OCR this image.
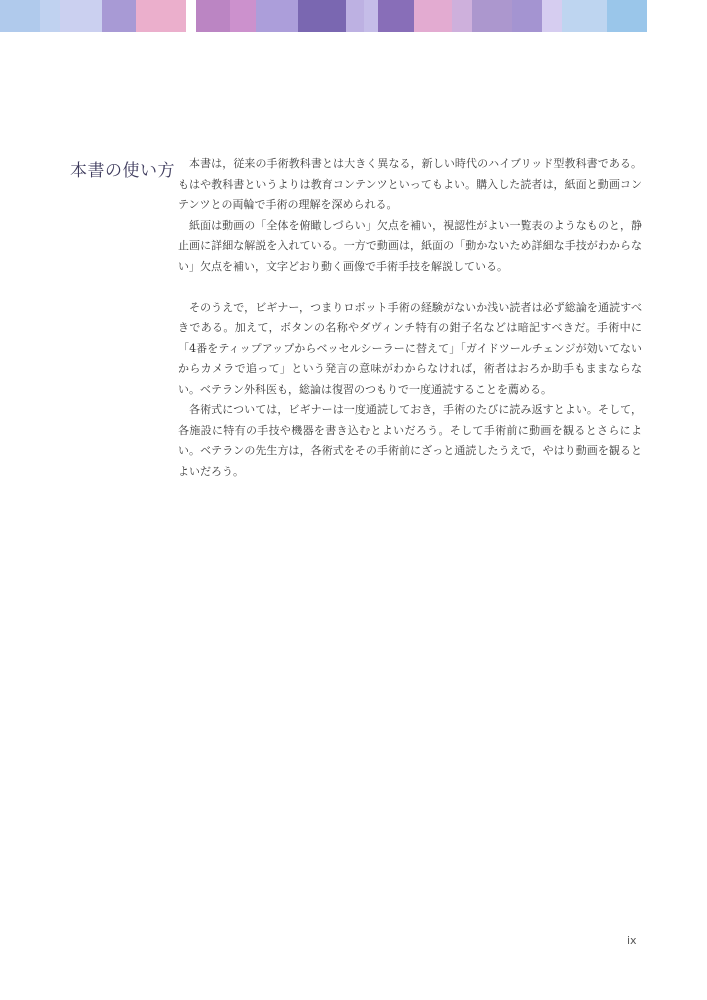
本書の使い方	本書は，従来の手術教科書とは大きく異なる，新しい時代のハイブリッド型教科書である。もはや教科書というよりは教育コンテンツといってもよい。購入した読者は，紙面と動画コンテンツとの両輪で手術の理解を深められる。

紙面は動画の「全体を俯瞰しづらい」欠点を補い，視認性がよい一覧表のようなものと，静止画に詳細な解説を入れている。一方で動画は，紙面の「動かないため詳細な手技がわからない」欠点を補い，文字どおり動く画像で手術手技を解説している。

そのうえで，ビギナー，つまりロボット手術の経験がないか浅い読者は必ず総論を通読すべきである。加えて，ボタンの名称やダヴィンチ特有の鉗子名などは暗記すべきだ。手術中に「4番をティップアップからベッセルシーラーに替えて」「ガイドツールチェンジが効いてないからカメラで追って」という発言の意味がわからなければ，術者はおろか助手もままならない。ベテラン外科医も，総論は復習のつもりで一度通読することを薦める。

各術式については，ビギナーは一度通読しておき，手術のたびに読み返すとよい。そして，各施設に特有の手技や機器を書き込むとよいだろう。そして手術前に動画を観るとさらによい。ベテランの先生方は，各術式をその手術前にざっと通読したうえで，やはり動画を観るとよいだろう。

ix
